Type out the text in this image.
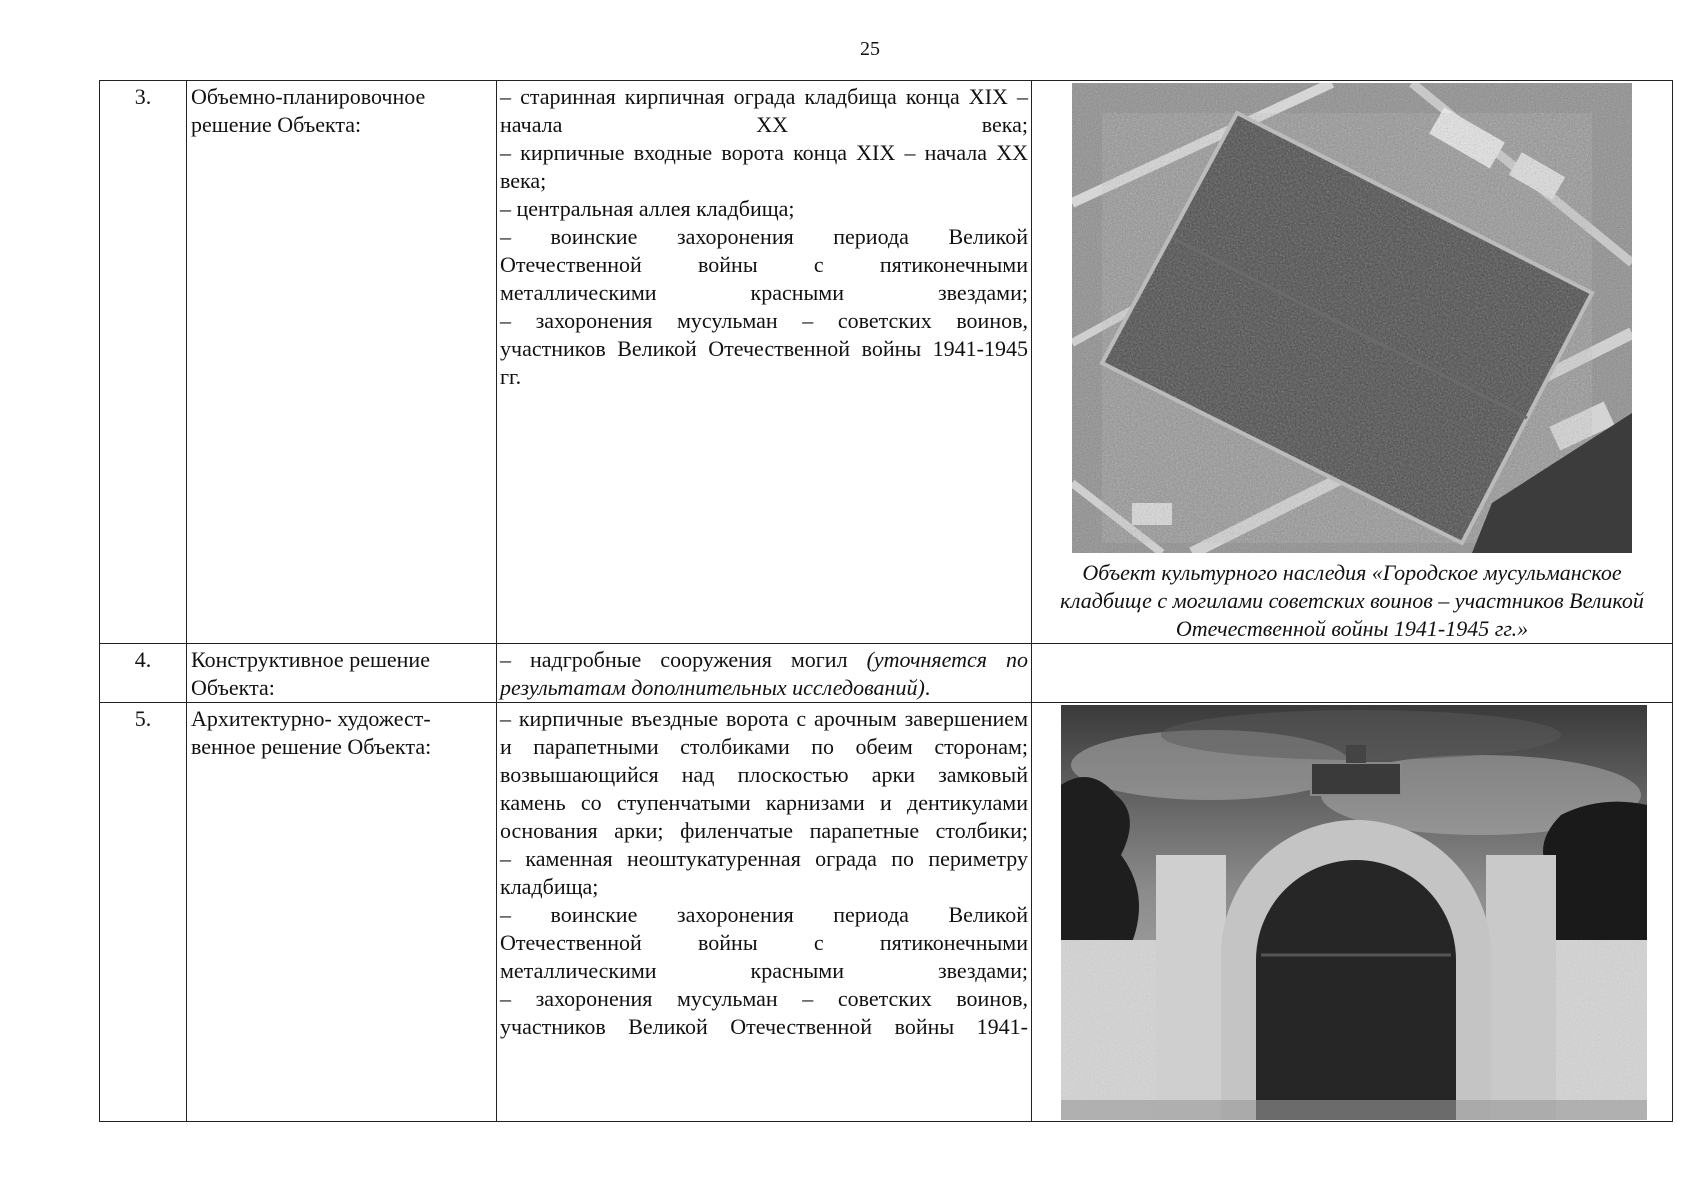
25
3.	Объемно-планировочное решение Объекта:	– старинная кирпичная ограда кладбища конца XIX – начала XX века;

– кирпичные входные ворота конца XIX – начала XX века;

– центральная аллея кладбища;

– воинские захоронения периода Великой Отечественной войны с пятиконечными металлическими красными звездами;

– захоронения мусульман – советских воинов, участников Великой Отечественной войны 1941-1945 гг.	Объект культурного наследия «Городское мусульманское кладбище с могилами советских воинов – участников Великой Отечественной войны 1941-1945 гг.»

4.	Конструктивное решение Объекта:	– надгробные сооружения могил (уточняется по результатам дополнительных исследований).	

5.	Архитектурно- художест-венное решение Объекта:	– кирпичные въездные ворота с арочным завершением и парапетными столбиками по обеим сторонам; возвышающийся над плоскостью арки замковый камень со ступенчатыми карнизами и дентикулами основания арки; филенчатые парапетные столбики;

– каменная неоштукатуренная ограда по периметру кладбища;

– воинские захоронения периода Великой Отечественной войны с пятиконечными металлическими красными звездами;

– захоронения мусульман – советских воинов, участников Великой Отечественной войны 1941-
